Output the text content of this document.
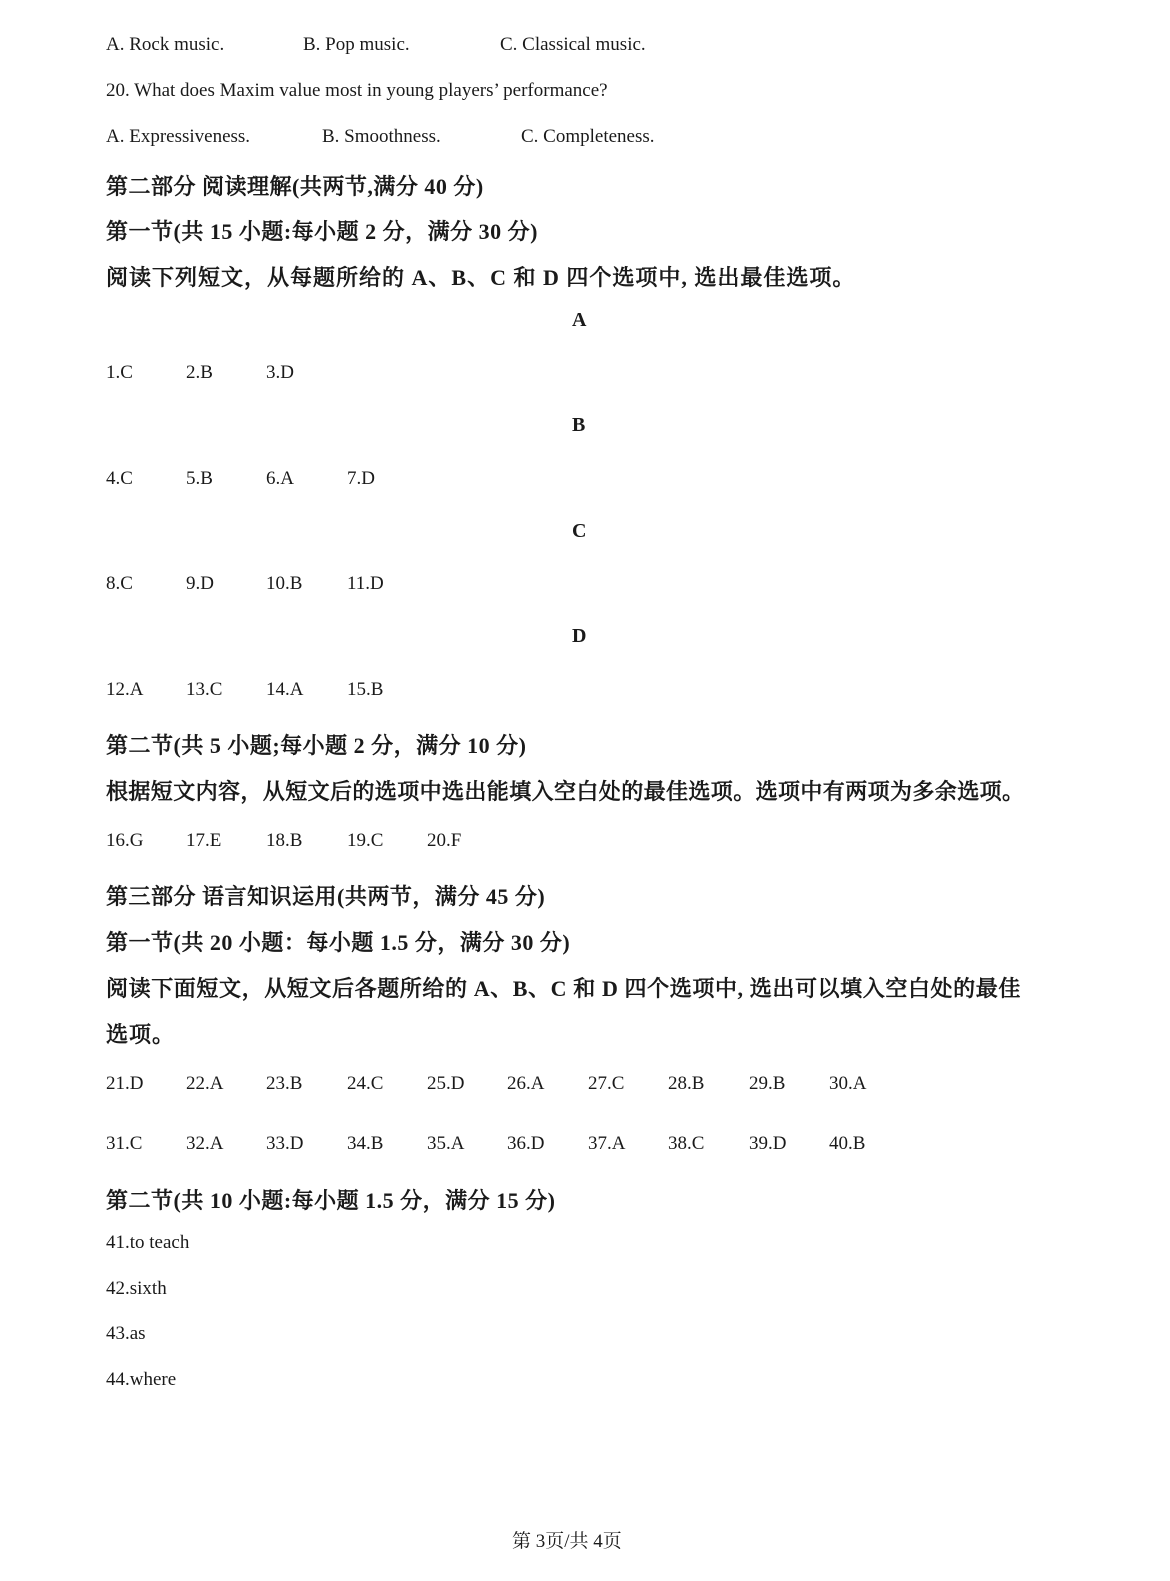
A. Rock music.	B. Pop music.	C. Classical music.
20. What does Maxim value most in young players’ performance?
A. Expressiveness.	B. Smoothness.	C. Completeness.
第二部分 阅读理解(共两节,满分 40 分)
第一节(共 15 小题:每小题 2 分，满分 30 分)
阅读下列短文，从每题所给的 A、B、C 和 D 四个选项中, 选出最佳选项。
A
1.C	2.B	3.D
B
4.C	5.B	6.A	7.D
C
8.C	9.D	10.B 11.D
D
12.A 13.C 14.A 15.B
第二节(共 5 小题;每小题 2 分，满分 10 分)
根据短文内容，从短文后的选项中选出能填入空白处的最佳选项。选项中有两项为多余选项。
16.G 17.E 18.B 19.C 20.F
第三部分 语言知识运用(共两节，满分 45 分)
第一节(共 20 小题：每小题 1.5 分，满分 30 分)
阅读下面短文，从短文后各题所给的 A、B、C 和 D 四个选项中, 选出可以填入空白处的最佳
选项。
21.D 22.A 23.B 24.C 25.D 26.A 27.C 28.B 29.B 30.A
31.C 32.A 33.D 34.B 35.A 36.D 37.A 38.C 39.D 40.B
第二节(共 10 小题:每小题 1.5 分，满分 15 分)
41.to teach
42.sixth
43.as
44.where
第 3页/共 4页
